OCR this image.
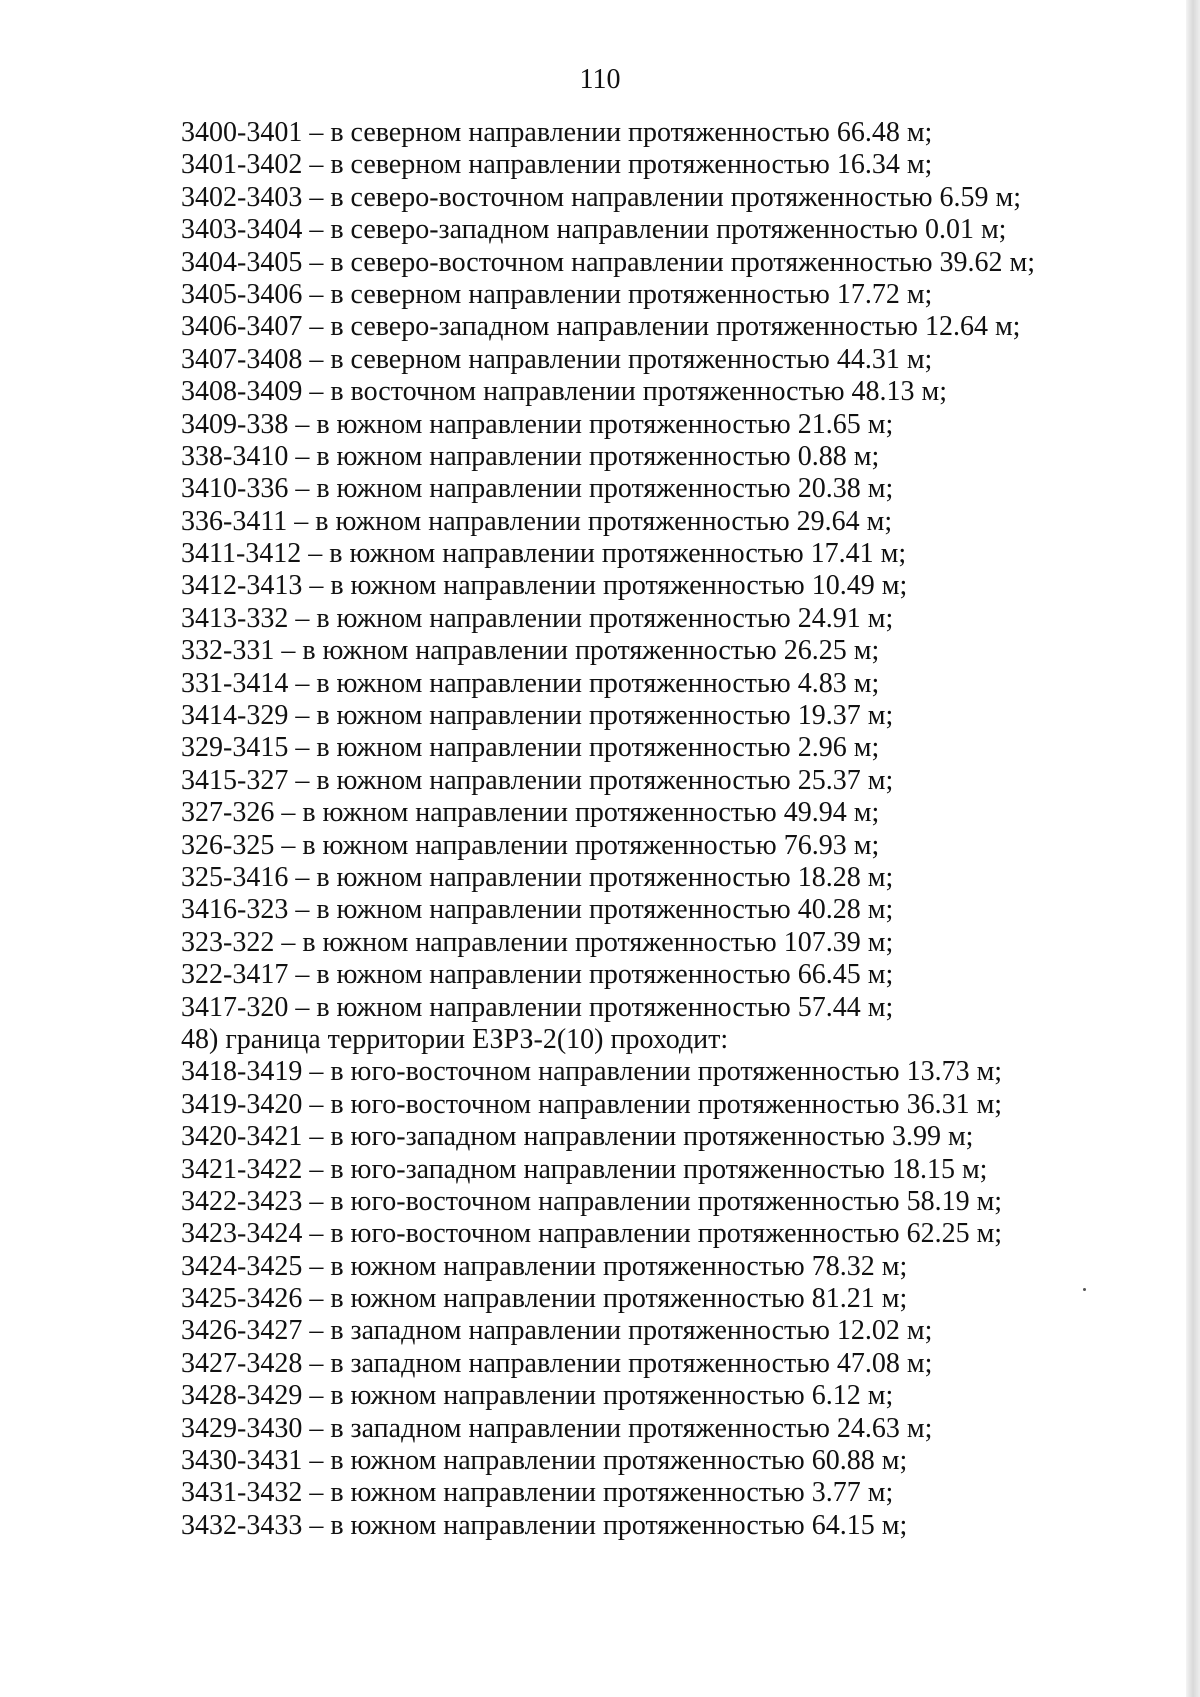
110
3400-3401 – в северном направлении протяженностью 66.48 м;
3401-3402 – в северном направлении протяженностью 16.34 м;
3402-3403 – в северо-восточном направлении протяженностью 6.59 м;
3403-3404 – в северо-западном направлении протяженностью 0.01 м;
3404-3405 – в северо-восточном направлении протяженностью 39.62 м;
3405-3406 – в северном направлении протяженностью 17.72 м;
3406-3407 – в северо-западном направлении протяженностью 12.64 м;
3407-3408 – в северном направлении протяженностью 44.31 м;
3408-3409 – в восточном направлении протяженностью 48.13 м;
3409-338 – в южном направлении протяженностью 21.65 м;
338-3410 – в южном направлении протяженностью 0.88 м;
3410-336 – в южном направлении протяженностью 20.38 м;
336-3411 – в южном направлении протяженностью 29.64 м;
3411-3412 – в южном направлении протяженностью 17.41 м;
3412-3413 – в южном направлении протяженностью 10.49 м;
3413-332 – в южном направлении протяженностью 24.91 м;
332-331 – в южном направлении протяженностью 26.25 м;
331-3414 – в южном направлении протяженностью 4.83 м;
3414-329 – в южном направлении протяженностью 19.37 м;
329-3415 – в южном направлении протяженностью 2.96 м;
3415-327 – в южном направлении протяженностью 25.37 м;
327-326 – в южном направлении протяженностью 49.94 м;
326-325 – в южном направлении протяженностью 76.93 м;
325-3416 – в южном направлении протяженностью 18.28 м;
3416-323 – в южном направлении протяженностью 40.28 м;
323-322 – в южном направлении протяженностью 107.39 м;
322-3417 – в южном направлении протяженностью 66.45 м;
3417-320 – в южном направлении протяженностью 57.44 м;
48) граница территории ЕЗРЗ-2(10) проходит:
3418-3419 – в юго-восточном направлении протяженностью 13.73 м;
3419-3420 – в юго-восточном направлении протяженностью 36.31 м;
3420-3421 – в юго-западном направлении протяженностью 3.99 м;
3421-3422 – в юго-западном направлении протяженностью 18.15 м;
3422-3423 – в юго-восточном направлении протяженностью 58.19 м;
3423-3424 – в юго-восточном направлении протяженностью 62.25 м;
3424-3425 – в южном направлении протяженностью 78.32 м;
3425-3426 – в южном направлении протяженностью 81.21 м;
3426-3427 – в западном направлении протяженностью 12.02 м;
3427-3428 – в западном направлении протяженностью 47.08 м;
3428-3429 – в южном направлении протяженностью 6.12 м;
3429-3430 – в западном направлении протяженностью 24.63 м;
3430-3431 – в южном направлении протяженностью 60.88 м;
3431-3432 – в южном направлении протяженностью 3.77 м;
3432-3433 – в южном направлении протяженностью 64.15 м;
